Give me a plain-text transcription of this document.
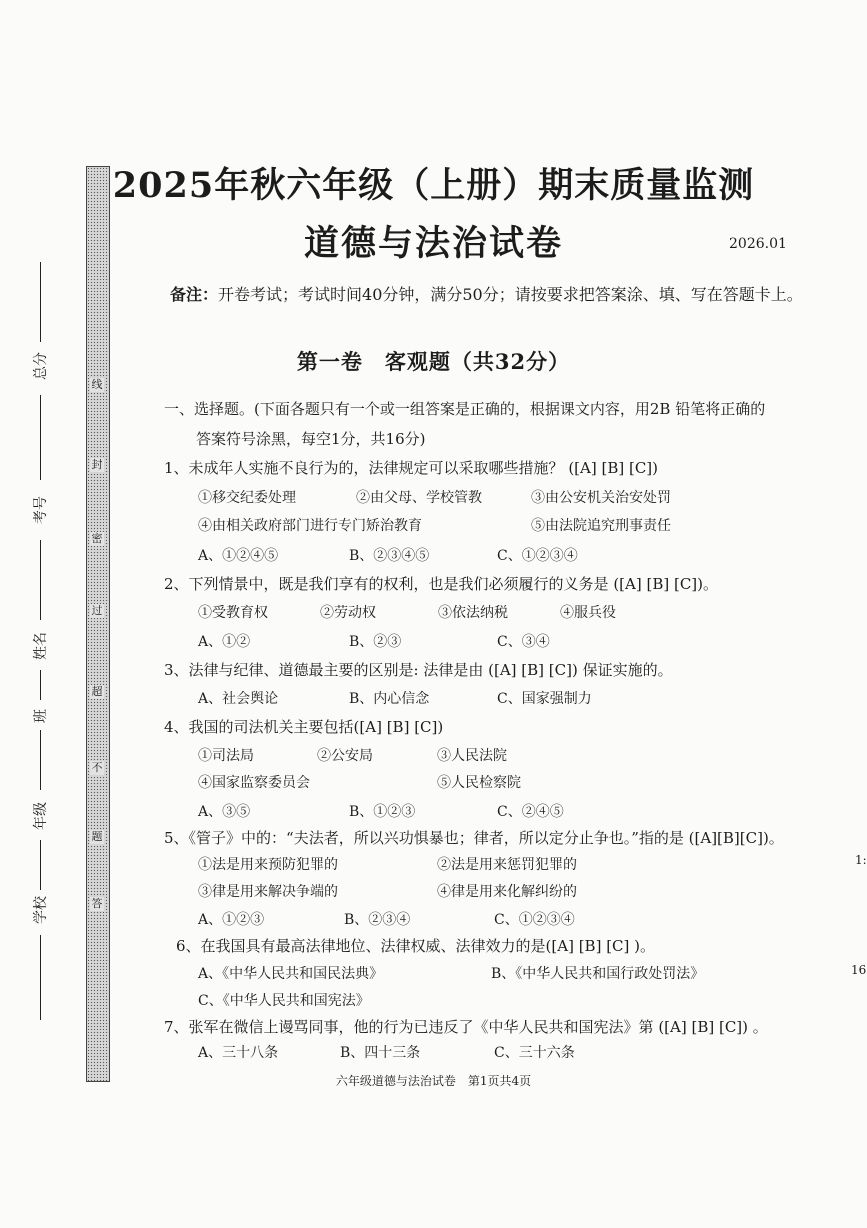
线
封
密
过
超
不
题
答
总分
考号
姓名
班
年级
学校
2025年秋六年级（上册）期末质量监测
道德与法治试卷	2026.01
备注：开卷考试；考试时间40分钟，满分50分；请按要求把答案涂、填、写在答题卡上。
第一卷　客观题（共32分）
一、选择题。(下面各题只有一个或一组答案是正确的，根据课文内容，用2B 铅笔将正确的
答案符号涂黑，每空1分，共16分)
1、未成年人实施不良行为的，法律规定可以采取哪些措施？ ([A] [B] [C])
①移交纪委处理	②由父母、学校管教	③由公安机关治安处罚
④由相关政府部门进行专门矫治教育	⑤由法院追究刑事责任
A、①②④⑤	B、②③④⑤	C、①②③④
2、下列情景中，既是我们享有的权利，也是我们必须履行的义务是 ([A] [B] [C])。
①受教育权	②劳动权	③依法纳税	④服兵役
A、①②	B、②③	C、③④
3、法律与纪律、道德最主要的区别是: 法律是由 ([A] [B] [C]) 保证实施的。
A、社会舆论	B、内心信念	C、国家强制力
4、我国的司法机关主要包括([A] [B] [C])
①司法局	②公安局	③人民法院
④国家监察委员会	⑤人民检察院
A、③⑤	B、①②③	C、②④⑤
5、《管子》中的：“夫法者，所以兴功惧暴也；律者，所以定分止争也。”指的是 ([A][B][C])。
①法是用来预防犯罪的	②法是用来惩罚犯罪的
③律是用来解决争端的	④律是用来化解纠纷的
A、①②③	B、②③④	C、①②③④
6、在我国具有最高法律地位、法律权威、法律效力的是([A] [B] [C] )。
A、《中华人民共和国民法典》	B、《中华人民共和国行政处罚法》
C、《中华人民共和国宪法》
7、张军在微信上谩骂同事，他的行为已违反了《中华人民共和国宪法》第 ([A] [B] [C]) 。
A、三十八条	B、四十三条	C、三十六条
1:
16
六年级道德与法治试卷　第1页共4页
